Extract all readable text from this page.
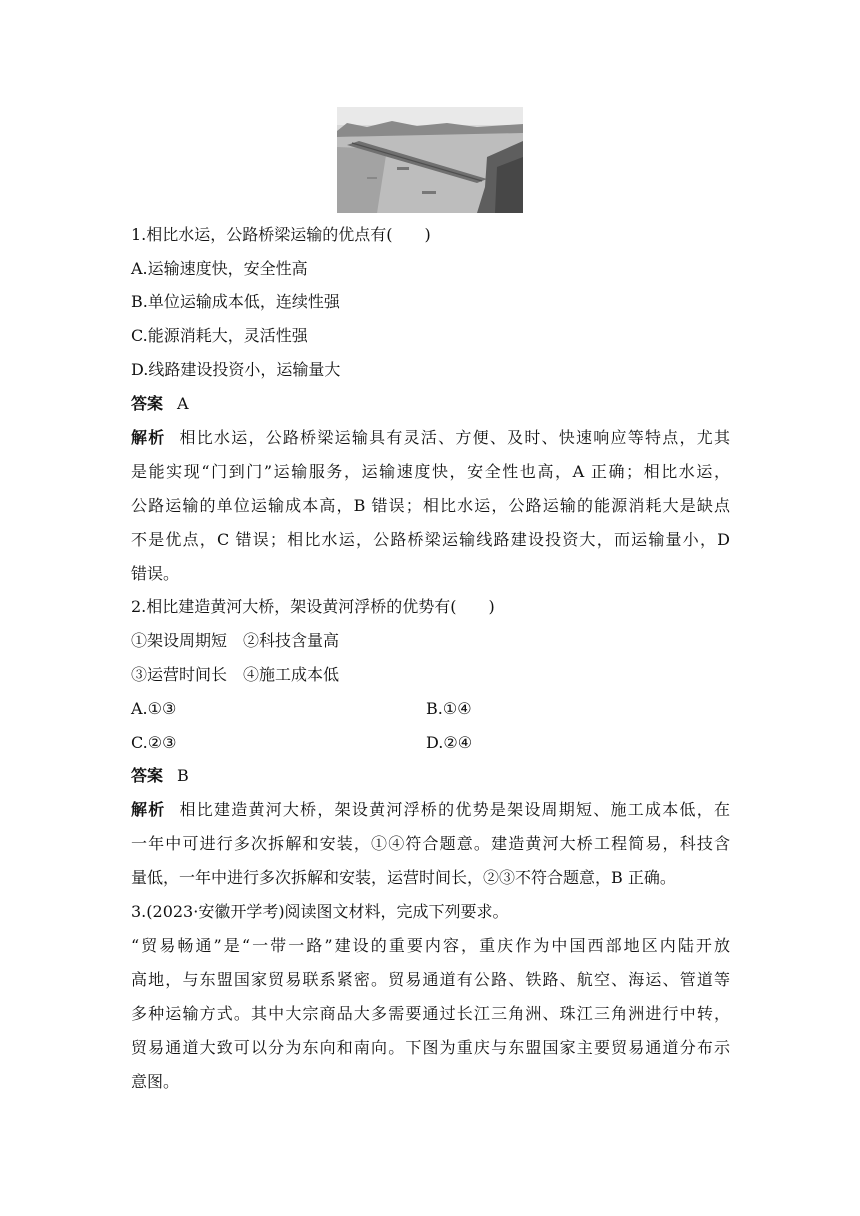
1.相比水运，公路桥梁运输的优点有(　　)
A.运输速度快，安全性高
B.单位运输成本低，连续性强
C.能源消耗大，灵活性强
D.线路建设投资小，运输量大
答案 A
解析 相比水运，公路桥梁运输具有灵活、方便、及时、快速响应等特点，尤其
是能实现“门到门”运输服务，运输速度快，安全性也高，A 正确；相比水运，
公路运输的单位运输成本高，B 错误；相比水运，公路运输的能源消耗大是缺点
不是优点，C 错误；相比水运，公路桥梁运输线路建设投资大，而运输量小，D
错误。
2.相比建造黄河大桥，架设黄河浮桥的优势有(　　)
①架设周期短　②科技含量高
③运营时间长　④施工成本低
A.①③	B.①④
C.②③	D.②④
答案 B
解析 相比建造黄河大桥，架设黄河浮桥的优势是架设周期短、施工成本低，在
一年中可进行多次拆解和安装，①④符合题意。建造黄河大桥工程简易，科技含
量低，一年中进行多次拆解和安装，运营时间长，②③不符合题意，B 正确。
3.(2023·安徽开学考)阅读图文材料，完成下列要求。
“贸易畅通”是“一带一路”建设的重要内容，重庆作为中国西部地区内陆开放
高地，与东盟国家贸易联系紧密。贸易通道有公路、铁路、航空、海运、管道等
多种运输方式。其中大宗商品大多需要通过长江三角洲、珠江三角洲进行中转，
贸易通道大致可以分为东向和南向。下图为重庆与东盟国家主要贸易通道分布示
意图。
